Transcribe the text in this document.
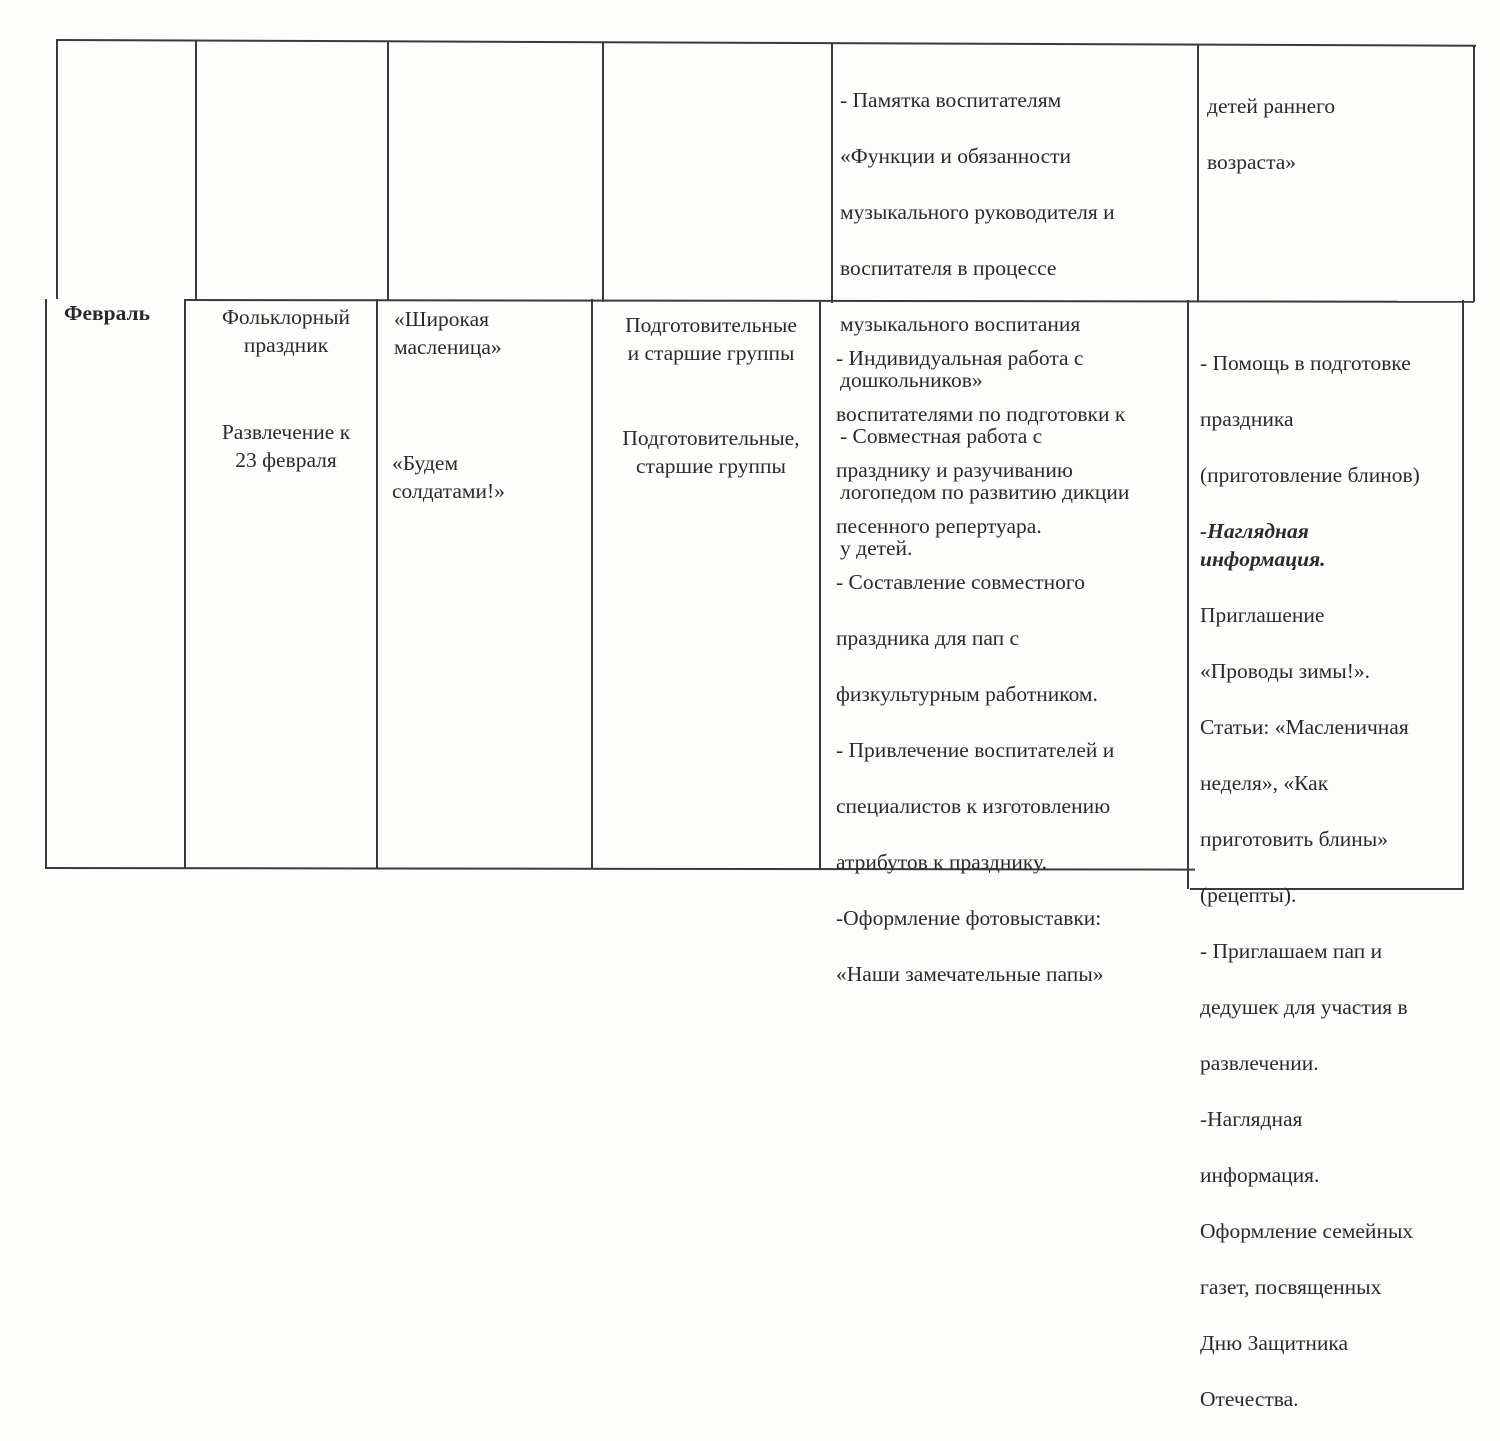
- Памятка воспитателям

«Функции и обязанности

музыкального руководителя и

воспитателя в процессе

музыкального воспитания

дошкольников»

- Совместная работа с

логопедом по развитию дикции

у детей.

детей раннего

возраста»

Февраль	Фольклорный
праздник
Развлечение к
23 февраля
«Широкая
масленица»
«Будем
солдатами!»
Подготовительные
и старшие группы
Подготовительные,
старшие группы

- Индивидуальная работа с

воспитателями по подготовки к

празднику и разучиванию

песенного репертуара.

- Составление совместного

праздника для пап с

физкультурным работником.

- Привлечение воспитателей и

специалистов к изготовлению

атрибутов к празднику.

-Оформление фотовыставки:

«Наши замечательные папы»

- Помощь в подготовке

праздника

(приготовление блинов)

-Наглядная
информация.

Приглашение

«Проводы зимы!».

Статьи: «Масленичная

неделя», «Как

приготовить блины»

(рецепты).

- Приглашаем пап и

дедушек для участия в

развлечении.

-Наглядная

информация.

Оформление семейных

газет, посвященных

Дню Защитника

Отечества.
